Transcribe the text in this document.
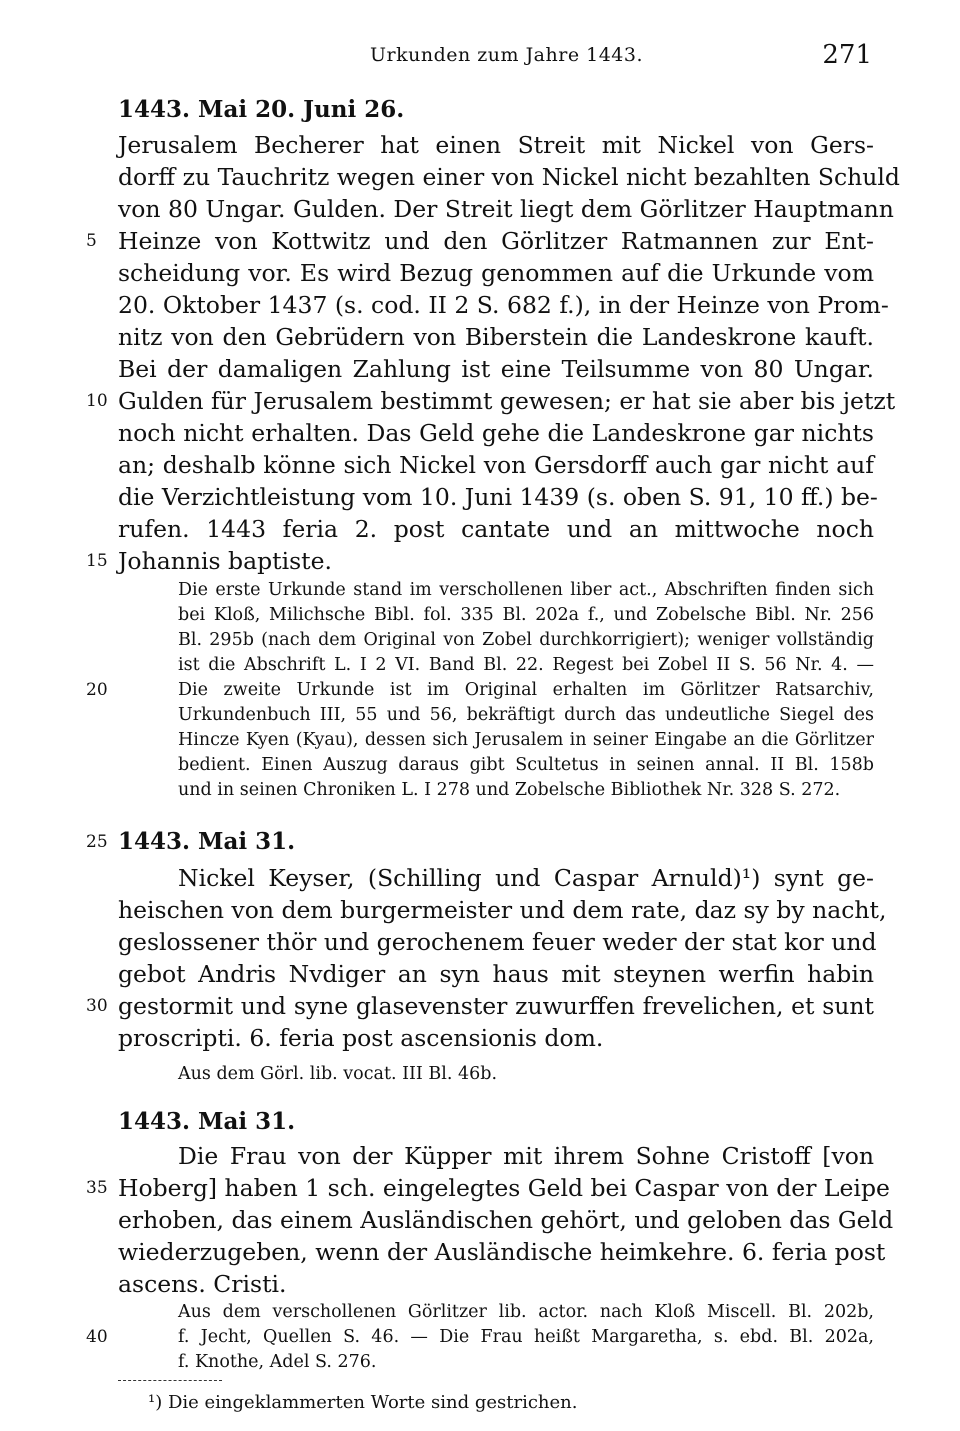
Urkunden zum Jahre 1443.	271
1443. Mai 20. Juni 26.
Jerusalem Becherer hat einen Streit mit Nickel von Gers-
dorff zu Tauchritz wegen einer von Nickel nicht bezahlten Schuld
von 80 Ungar. Gulden. Der Streit liegt dem Görlitzer Hauptmann
Heinze von Kottwitz und den Görlitzer Ratmannen zur Ent-
scheidung vor. Es wird Bezug genommen auf die Urkunde vom
20. Oktober 1437 (s. cod. II 2 S. 682 f.), in der Heinze von Prom-
nitz von den Gebrüdern von Biberstein die Landeskrone kauft.
Bei der damaligen Zahlung ist eine Teilsumme von 80 Ungar.
Gulden für Jerusalem bestimmt gewesen; er hat sie aber bis jetzt
noch nicht erhalten. Das Geld gehe die Landeskrone gar nichts
an; deshalb könne sich Nickel von Gersdorff auch gar nicht auf
die Verzichtleistung vom 10. Juni 1439 (s. oben S. 91, 10 ff.) be-
rufen. 1443 feria 2. post cantate und an mittwoche noch
Johannis baptiste.
Die erste Urkunde stand im verschollenen liber act., Abschriften finden sich
bei Kloß, Milichsche Bibl. fol. 335 Bl. 202a f., und Zobelsche Bibl. Nr. 256
Bl. 295b (nach dem Original von Zobel durchkorrigiert); weniger vollständig
ist die Abschrift L. I 2 VI. Band Bl. 22. Regest bei Zobel II S. 56 Nr. 4. —
Die zweite Urkunde ist im Original erhalten im Görlitzer Ratsarchiv,
Urkundenbuch III, 55 und 56, bekräftigt durch das undeutliche Siegel des
Hincze Kyen (Kyau), dessen sich Jerusalem in seiner Eingabe an die Görlitzer
bedient. Einen Auszug daraus gibt Scultetus in seinen annal. II Bl. 158b
und in seinen Chroniken L. I 278 und Zobelsche Bibliothek Nr. 328 S. 272.
1443. Mai 31.
Nickel Keyser, (Schilling und Caspar Arnuld)¹) synt ge-
heischen von dem burgermeister und dem rate, daz sy by nacht,
geslossener thör und gerochenem feuer weder der stat kor und
gebot Andris Nvdiger an syn haus mit steynen werfin habin
gestormit und syne glasevenster zuwurffen frevelichen, et sunt
proscripti. 6. feria post ascensionis dom.
Aus dem Görl. lib. vocat. III Bl. 46b.
1443. Mai 31.
Die Frau von der Küpper mit ihrem Sohne Cristoff [von
Hoberg] haben 1 sch. eingelegtes Geld bei Caspar von der Leipe
erhoben, das einem Ausländischen gehört, und geloben das Geld
wiederzugeben, wenn der Ausländische heimkehre. 6. feria post
ascens. Cristi.
Aus dem verschollenen Görlitzer lib. actor. nach Kloß Miscell. Bl. 202b,
f. Jecht, Quellen S. 46. — Die Frau heißt Margaretha, s. ebd. Bl. 202a,
f. Knothe, Adel S. 276.
5
10
15
20
25
30
35
40
¹) Die eingeklammerten Worte sind gestrichen.
